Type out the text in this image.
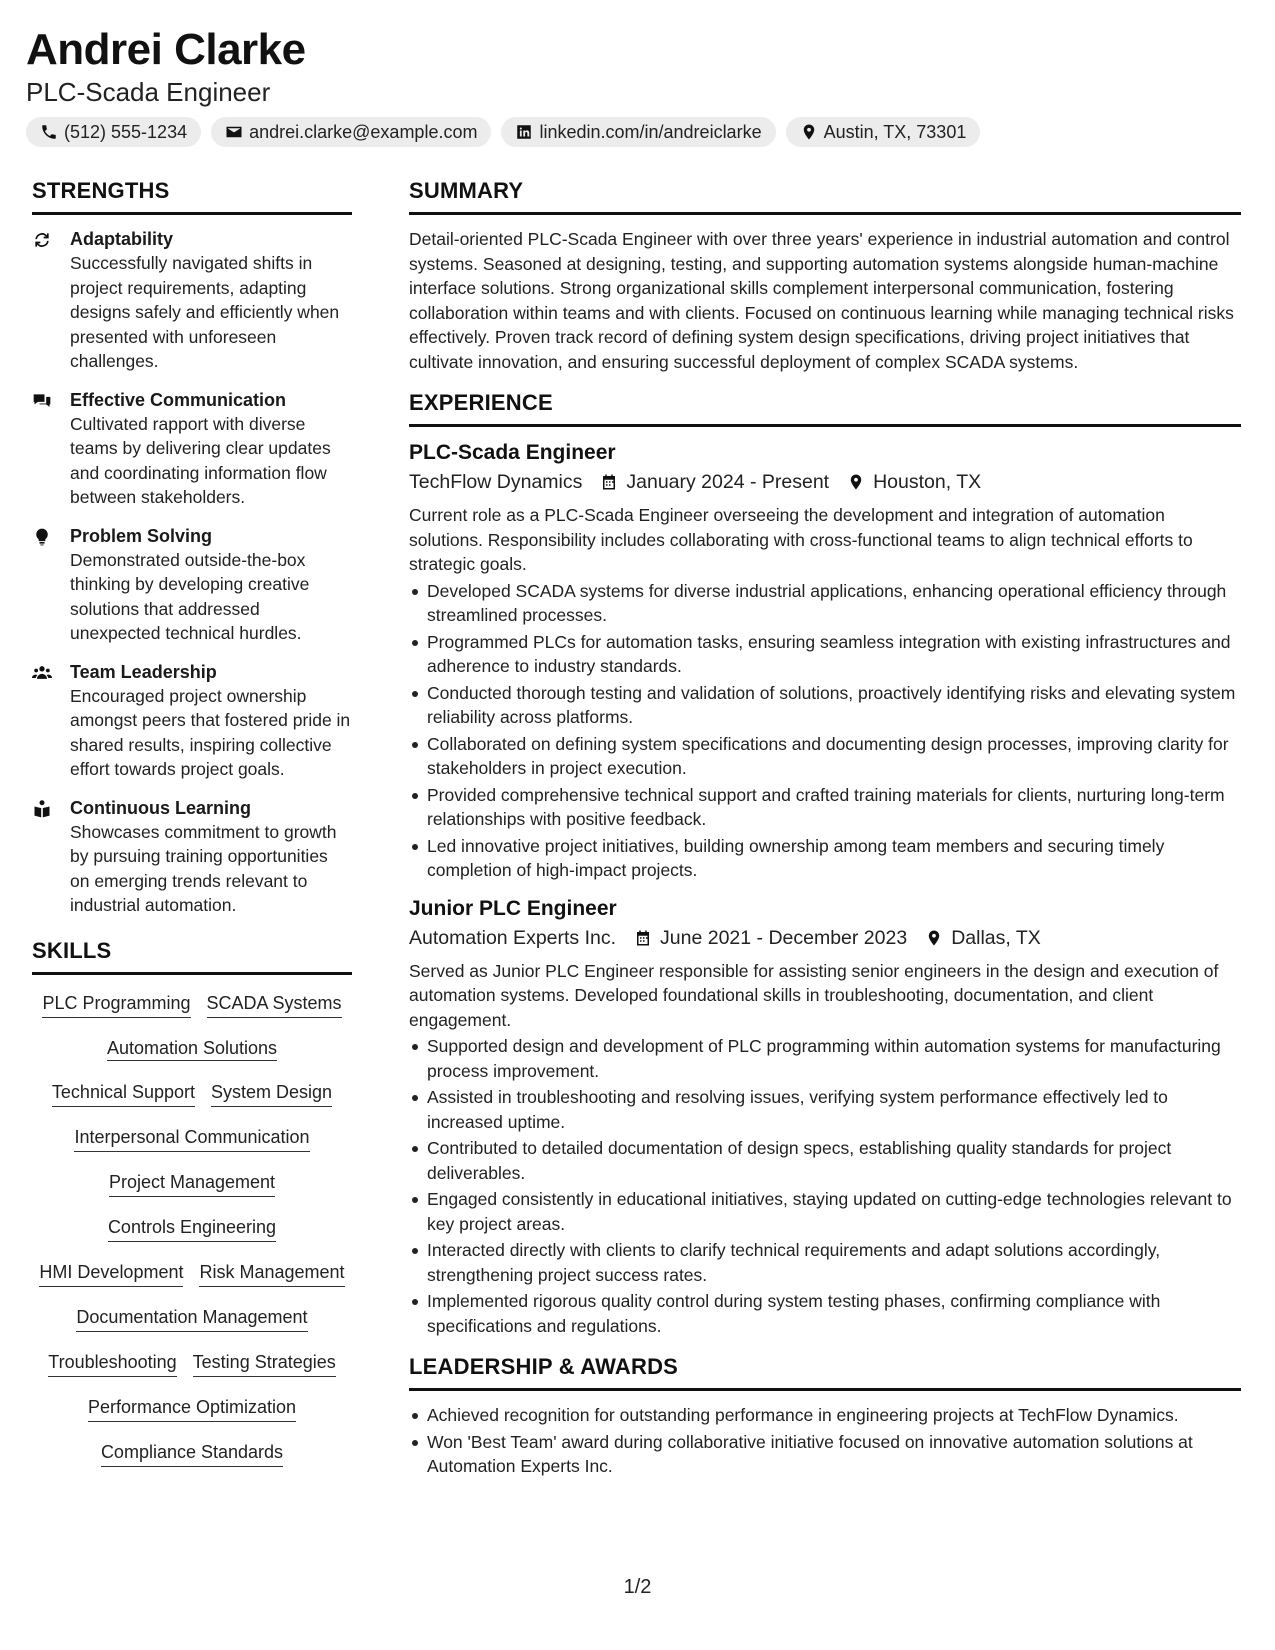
Andrei Clarke
PLC-Scada Engineer
(512) 555-1234	andrei.clarke@example.com	linkedin.com/in/andreiclarke	Austin, TX, 73301
STRENGTHS
Adaptability
Successfully navigated shifts in project requirements, adapting designs safely and efficiently when presented with unforeseen challenges.
Effective Communication
Cultivated rapport with diverse teams by delivering clear updates and coordinating information flow between stakeholders.
Problem Solving
Demonstrated outside-the-box thinking by developing creative solutions that addressed unexpected technical hurdles.
Team Leadership
Encouraged project ownership amongst peers that fostered pride in shared results, inspiring collective effort towards project goals.
Continuous Learning
Showcases commitment to growth by pursuing training opportunities on emerging trends relevant to industrial automation.
SKILLS
PLC Programming SCADA Systems
Automation Solutions
Technical Support System Design
Interpersonal Communication
Project Management
Controls Engineering
HMI Development Risk Management
Documentation Management
Troubleshooting Testing Strategies
Performance Optimization
Compliance Standards
SUMMARY
Detail-oriented PLC-Scada Engineer with over three years' experience in industrial automation and control systems. Seasoned at designing, testing, and supporting automation systems alongside human-machine interface solutions. Strong organizational skills complement interpersonal communication, fostering collaboration within teams and with clients. Focused on continuous learning while managing technical risks effectively. Proven track record of defining system design specifications, driving project initiatives that cultivate innovation, and ensuring successful deployment of complex SCADA systems.
EXPERIENCE
PLC-Scada Engineer
TechFlow Dynamics January 2024 - Present Houston, TX
Current role as a PLC-Scada Engineer overseeing the development and integration of automation solutions. Responsibility includes collaborating with cross-functional teams to align technical efforts to strategic goals.
Developed SCADA systems for diverse industrial applications, enhancing operational efficiency through streamlined processes.
Programmed PLCs for automation tasks, ensuring seamless integration with existing infrastructures and adherence to industry standards.
Conducted thorough testing and validation of solutions, proactively identifying risks and elevating system reliability across platforms.
Collaborated on defining system specifications and documenting design processes, improving clarity for stakeholders in project execution.
Provided comprehensive technical support and crafted training materials for clients, nurturing long-term relationships with positive feedback.
Led innovative project initiatives, building ownership among team members and securing timely completion of high-impact projects.
Junior PLC Engineer
Automation Experts Inc. June 2021 - December 2023 Dallas, TX
Served as Junior PLC Engineer responsible for assisting senior engineers in the design and execution of automation systems. Developed foundational skills in troubleshooting, documentation, and client engagement.
Supported design and development of PLC programming within automation systems for manufacturing process improvement.
Assisted in troubleshooting and resolving issues, verifying system performance effectively led to increased uptime.
Contributed to detailed documentation of design specs, establishing quality standards for project deliverables.
Engaged consistently in educational initiatives, staying updated on cutting-edge technologies relevant to key project areas.
Interacted directly with clients to clarify technical requirements and adapt solutions accordingly, strengthening project success rates.
Implemented rigorous quality control during system testing phases, confirming compliance with specifications and regulations.
LEADERSHIP & AWARDS
Achieved recognition for outstanding performance in engineering projects at TechFlow Dynamics.
Won 'Best Team' award during collaborative initiative focused on innovative automation solutions at Automation Experts Inc.
1/2
